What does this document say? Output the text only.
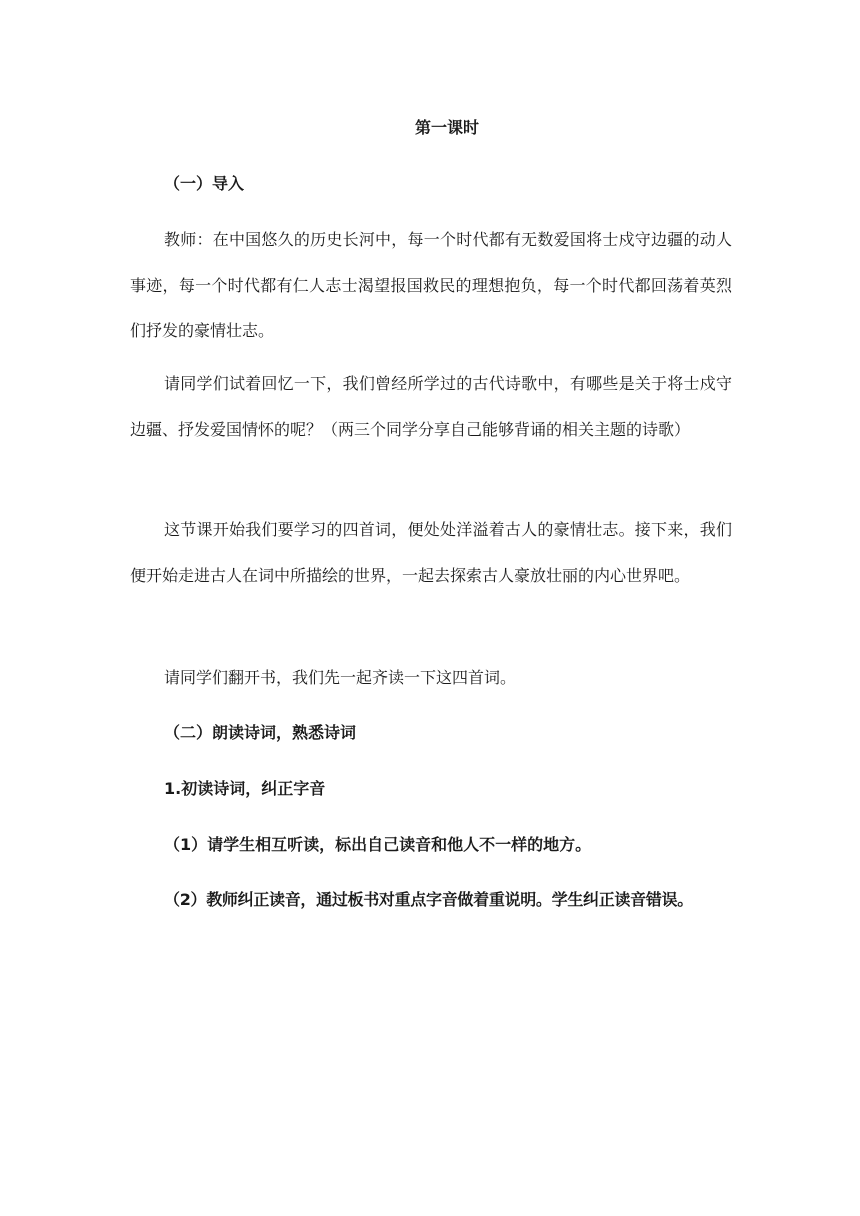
第一课时
（一）导入
教师：在中国悠久的历史长河中，每一个时代都有无数爱国将士戍守边疆的动人事迹，每一个时代都有仁人志士渴望报国救民的理想抱负，每一个时代都回荡着英烈们抒发的豪情壮志。
请同学们试着回忆一下，我们曾经所学过的古代诗歌中，有哪些是关于将士戍守边疆、抒发爱国情怀的呢？（两三个同学分享自己能够背诵的相关主题的诗歌）
这节课开始我们要学习的四首词，便处处洋溢着古人的豪情壮志。接下来，我们便开始走进古人在词中所描绘的世界，一起去探索古人豪放壮丽的内心世界吧。
请同学们翻开书，我们先一起齐读一下这四首词。
（二）朗读诗词，熟悉诗词
1.初读诗词，纠正字音
（1）请学生相互听读，标出自己读音和他人不一样的地方。
（2）教师纠正读音，通过板书对重点字音做着重说明。学生纠正读音错误。
